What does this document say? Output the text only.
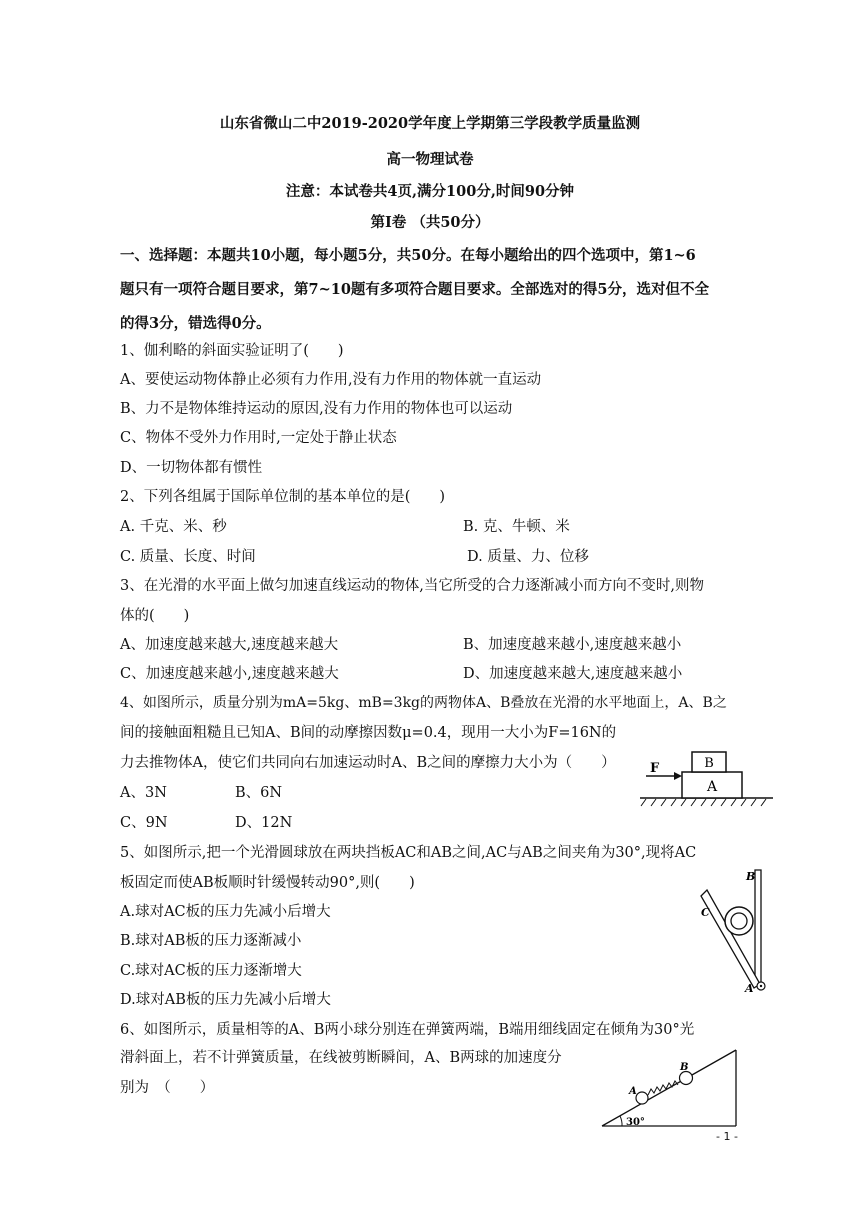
山东省微山二中2019-2020学年度上学期第三学段教学质量监测
高一物理试卷
注意：本试卷共4页,满分100分,时间90分钟
第Ⅰ卷 （共50分）
一、选择题：本题共10小题，每小题5分，共50分。在每小题给出的四个选项中，第1~6
题只有一项符合题目要求，第7~10题有多项符合题目要求。全部选对的得5分，选对但不全
的得3分，错选得0分。
1、伽利略的斜面实验证明了(　　)
A、要使运动物体静止必须有力作用,没有力作用的物体就一直运动
B、力不是物体维持运动的原因,没有力作用的物体也可以运动
C、物体不受外力作用时,一定处于静止状态
D、一切物体都有惯性
2、下列各组属于国际单位制的基本单位的是(　　)
A. 千克、米、秒	B. 克、牛顿、米
C. 质量、长度、时间	D. 质量、力、位移
3、在光滑的水平面上做匀加速直线运动的物体,当它所受的合力逐渐减小而方向不变时,则物
体的(　　)
A、加速度越来越大,速度越来越大	B、加速度越来越小,速度越来越小
C、加速度越来越小,速度越来越大	D、加速度越来越大,速度越来越小
4、如图所示，质量分别为mA=5kg、mB=3kg的两物体A、B叠放在光滑的水平地面上，A、B之
间的接触面粗糙且已知A、B间的动摩擦因数μ=0.4，现用一大小为F=16N的
力去推物体A，使它们共同向右加速运动时A、B之间的摩擦力大小为（　　）
A、3N	B、6N
C、9N	D、12N
A
B
F
5、如图所示,把一个光滑圆球放在两块挡板AC和AB之间,AC与AB之间夹角为30°,现将AC
板固定而使AB板顺时针缓慢转动90°,则(　　)
A.球对AC板的压力先减小后增大
B.球对AB板的压力逐渐减小
C.球对AC板的压力逐渐增大
D.球对AB板的压力先减小后增大
B
C
A
6、如图所示，质量相等的A、B两小球分别连在弹簧两端，B端用细线固定在倾角为30°光
滑斜面上，若不计弹簧质量，在线被剪断瞬间，A、B两球的加速度分
别为　（　　）
30°
A
B
- 1 -
